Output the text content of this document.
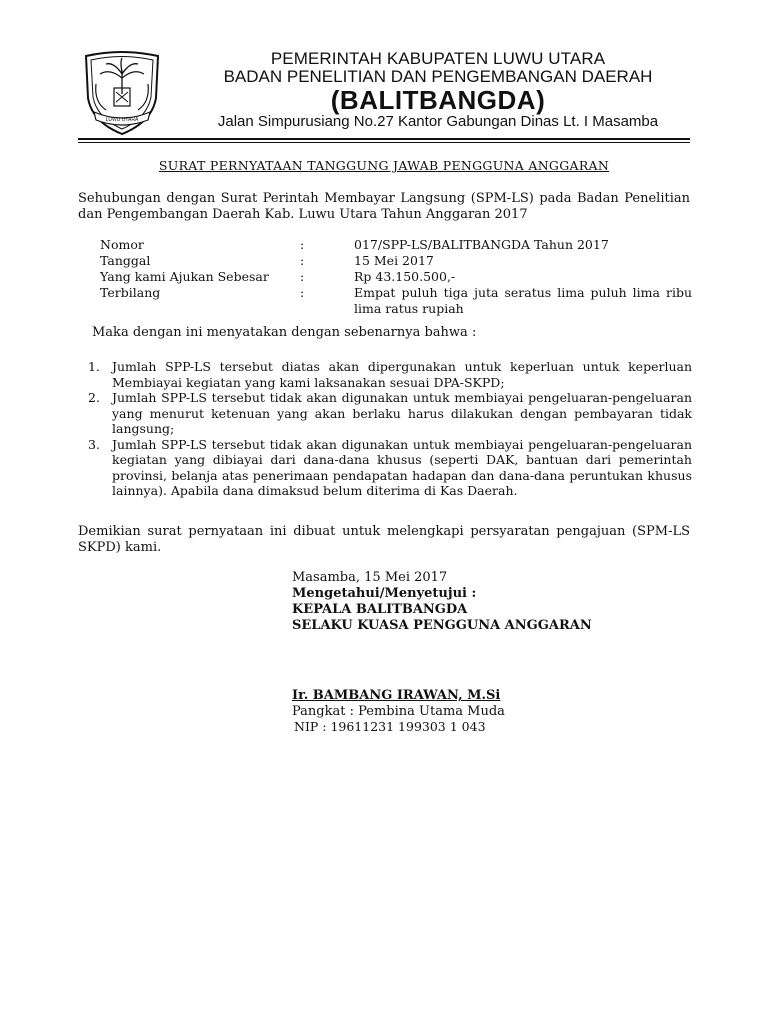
LUWU UTARA
PEMERINTAH KABUPATEN LUWU UTARA
BADAN PENELITIAN DAN PENGEMBANGAN DAERAH
(BALITBANGDA)
Jalan Simpurusiang No.27 Kantor Gabungan Dinas Lt. I Masamba
SURAT PERNYATAAN TANGGUNG JAWAB PENGGUNA ANGGARAN

Sehubungan dengan Surat Perintah Membayar Langsung (SPM-LS) pada Badan Penelitian dan Pengembangan Daerah Kab. Luwu Utara Tahun Anggaran 2017

Nomor	:	017/SPP-LS/BALITBANGDA Tahun 2017
Tanggal	:	15 Mei 2017
Yang kami Ajukan Sebesar	:	Rp 43.150.500,-
Terbilang	:	Empat puluh tiga juta seratus lima puluh lima ribu lima ratus rupiah
Maka dengan ini menyatakan dengan sebenarnya bahwa :
1. Jumlah SPP-LS tersebut diatas akan dipergunakan untuk keperluan untuk keperluan Membiayai kegiatan yang kami laksanakan sesuai DPA-SKPD;
2. Jumlah SPP-LS tersebut tidak akan digunakan untuk membiayai pengeluaran-pengeluaran yang menurut ketenuan yang akan berlaku harus dilakukan dengan pembayaran tidak langsung;
3. Jumlah SPP-LS tersebut tidak akan digunakan untuk membiayai pengeluaran-pengeluaran kegiatan yang dibiayai dari dana-dana khusus (seperti DAK, bantuan dari pemerintah provinsi, belanja atas penerimaan pendapatan hadapan dan dana-dana peruntukan khusus lainnya). Apabila dana dimaksud belum diterima di Kas Daerah.

Demikian surat pernyataan ini dibuat untuk melengkapi persyaratan pengajuan (SPM-LS SKPD) kami.

Masamba, 15 Mei 2017
Mengetahui/Menyetujui :
KEPALA BALITBANGDA
SELAKU KUASA PENGGUNA ANGGARAN
Ir. BAMBANG IRAWAN, M.Si
Pangkat : Pembina Utama Muda
NIP : 19611231 199303 1 043
